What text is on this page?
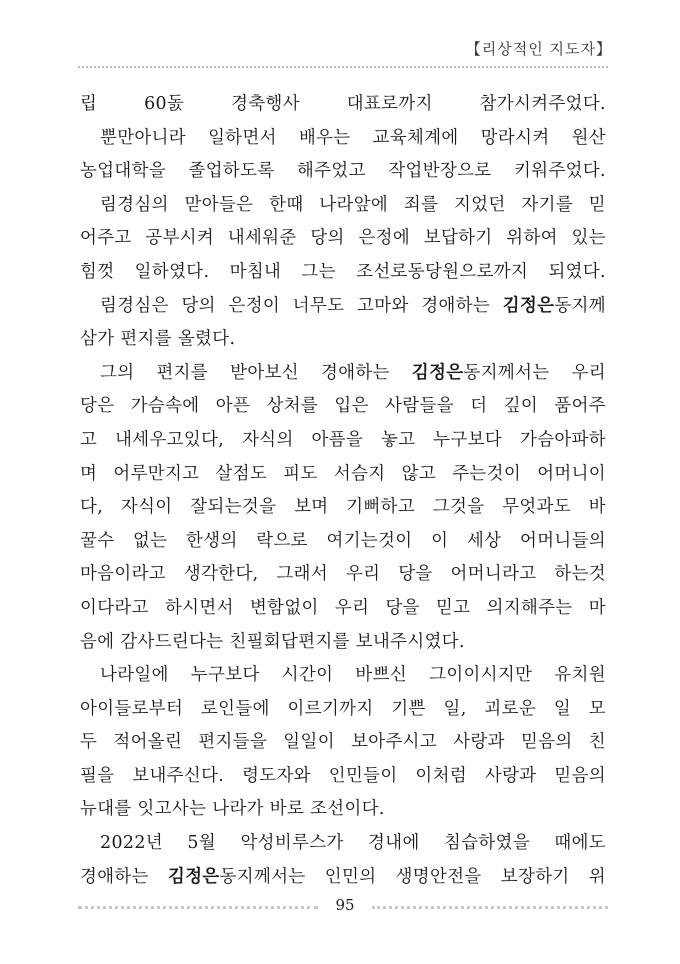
【리상적인 지도자】

립 60돐 경축행사 대표로까지 참가시켜주었다.

뿐만아니라 일하면서 배우는 교육체계에 망라시켜 원산

농업대학을 졸업하도록 해주었고 작업반장으로 키워주었다.

림경심의 맏아들은 한때 나라앞에 죄를 지었던 자기를 믿

어주고 공부시켜 내세워준 당의 은정에 보답하기 위하여 있는

힘껏 일하였다. 마침내 그는 조선로동당원으로까지 되였다.

림경심은 당의 은정이 너무도 고마와 경애하는 김정은동지께

삼가 편지를 올렸다.

그의 편지를 받아보신 경애하는 김정은동지께서는 우리

당은 가슴속에 아픈 상처를 입은 사람들을 더 깊이 품어주

고 내세우고있다, 자식의 아픔을 놓고 누구보다 가슴아파하

며 어루만지고 살점도 피도 서슴지 않고 주는것이 어머니이

다, 자식이 잘되는것을 보며 기뻐하고 그것을 무엇과도 바

꿀수 없는 한생의 락으로 여기는것이 이 세상 어머니들의

마음이라고 생각한다, 그래서 우리 당을 어머니라고 하는것

이다라고 하시면서 변함없이 우리 당을 믿고 의지해주는 마

음에 감사드린다는 친필회답편지를 보내주시였다.

나라일에 누구보다 시간이 바쁘신 그이이시지만 유치원

아이들로부터 로인들에 이르기까지 기쁜 일, 괴로운 일 모

두 적어올린 편지들을 일일이 보아주시고 사랑과 믿음의 친

필을 보내주신다. 령도자와 인민들이 이처럼 사랑과 믿음의

뉴대를 잇고사는 나라가 바로 조선이다.

2022년 5월 악성비루스가 경내에 침습하였을 때에도

경애하는 김정은동지께서는 인민의 생명안전을 보장하기 위

95
